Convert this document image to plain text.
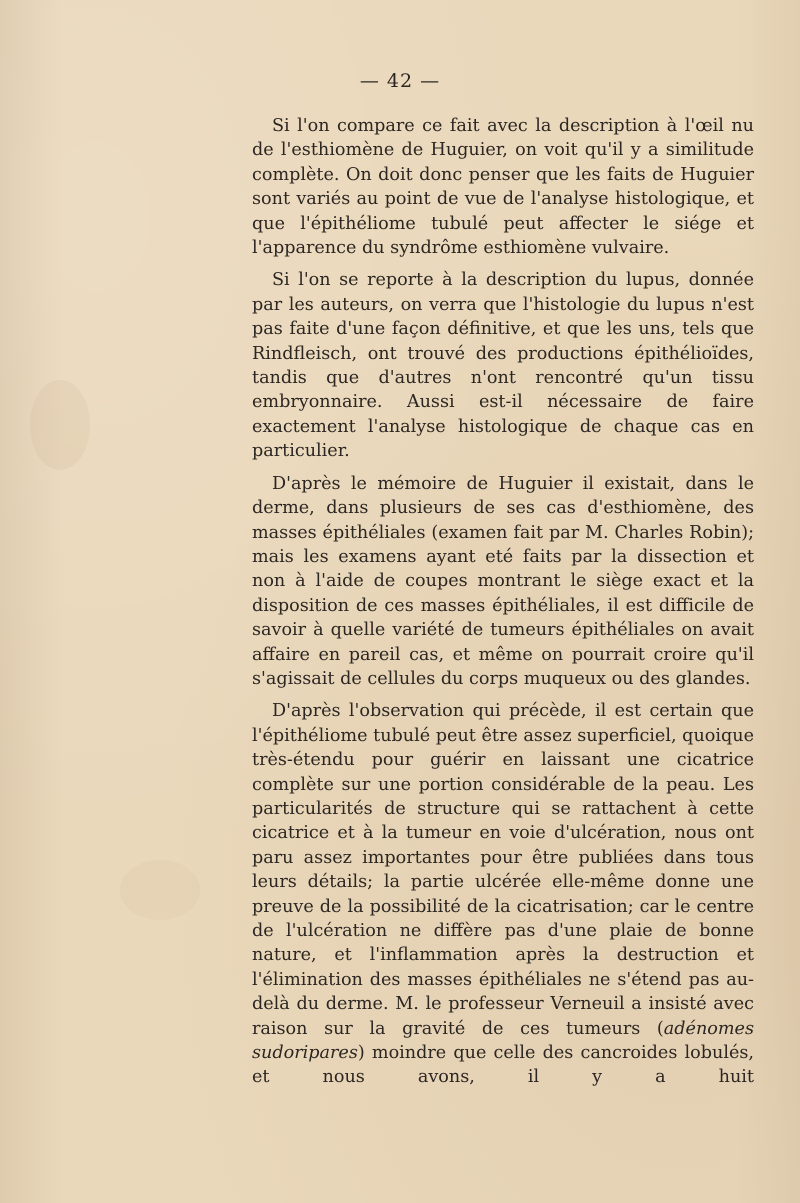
— 42 —

Si l'on compare ce fait avec la description à l'œil nu de l'esthiomène de Huguier, on voit qu'il y a similitude complète. On doit donc penser que les faits de Huguier sont variés au point de vue de l'analyse histologique, et que l'épithéliome tubulé peut affecter le siége et l'apparence du syndrôme esthiomène vulvaire.

Si l'on se reporte à la description du lupus, donnée par les auteurs, on verra que l'histologie du lupus n'est pas faite d'une façon définitive, et que les uns, tels que Rindfleisch, ont trouvé des productions épithélioïdes, tandis que d'autres n'ont rencontré qu'un tissu embryonnaire. Aussi est-il nécessaire de faire exactement l'analyse histologique de chaque cas en particulier.

D'après le mémoire de Huguier il existait, dans le derme, dans plusieurs de ses cas d'esthiomène, des masses épithéliales (examen fait par M. Charles Robin); mais les examens ayant eté faits par la dissection et non à l'aide de coupes montrant le siège exact et la disposition de ces masses épithéliales, il est difficile de savoir à quelle variété de tumeurs épithéliales on avait affaire en pareil cas, et même on pourrait croire qu'il s'agissait de cellules du corps muqueux ou des glandes.

D'après l'observation qui précède, il est certain que l'épithéliome tubulé peut être assez superficiel, quoique très-étendu pour guérir en laissant une cicatrice complète sur une portion considérable de la peau. Les particularités de structure qui se rattachent à cette cicatrice et à la tumeur en voie d'ulcération, nous ont paru assez importantes pour être publiées dans tous leurs détails; la partie ulcérée elle-même donne une preuve de la possibilité de la cicatrisation; car le centre de l'ulcération ne diffère pas d'une plaie de bonne nature, et l'inflammation après la destruction et l'élimination des masses épithéliales ne s'étend pas au-delà du derme. M. le professeur Verneuil a insisté avec raison sur la gravité de ces tumeurs (adénomes sudoripares) moindre que celle des cancroides lobulés, et nous avons, il y a huit
